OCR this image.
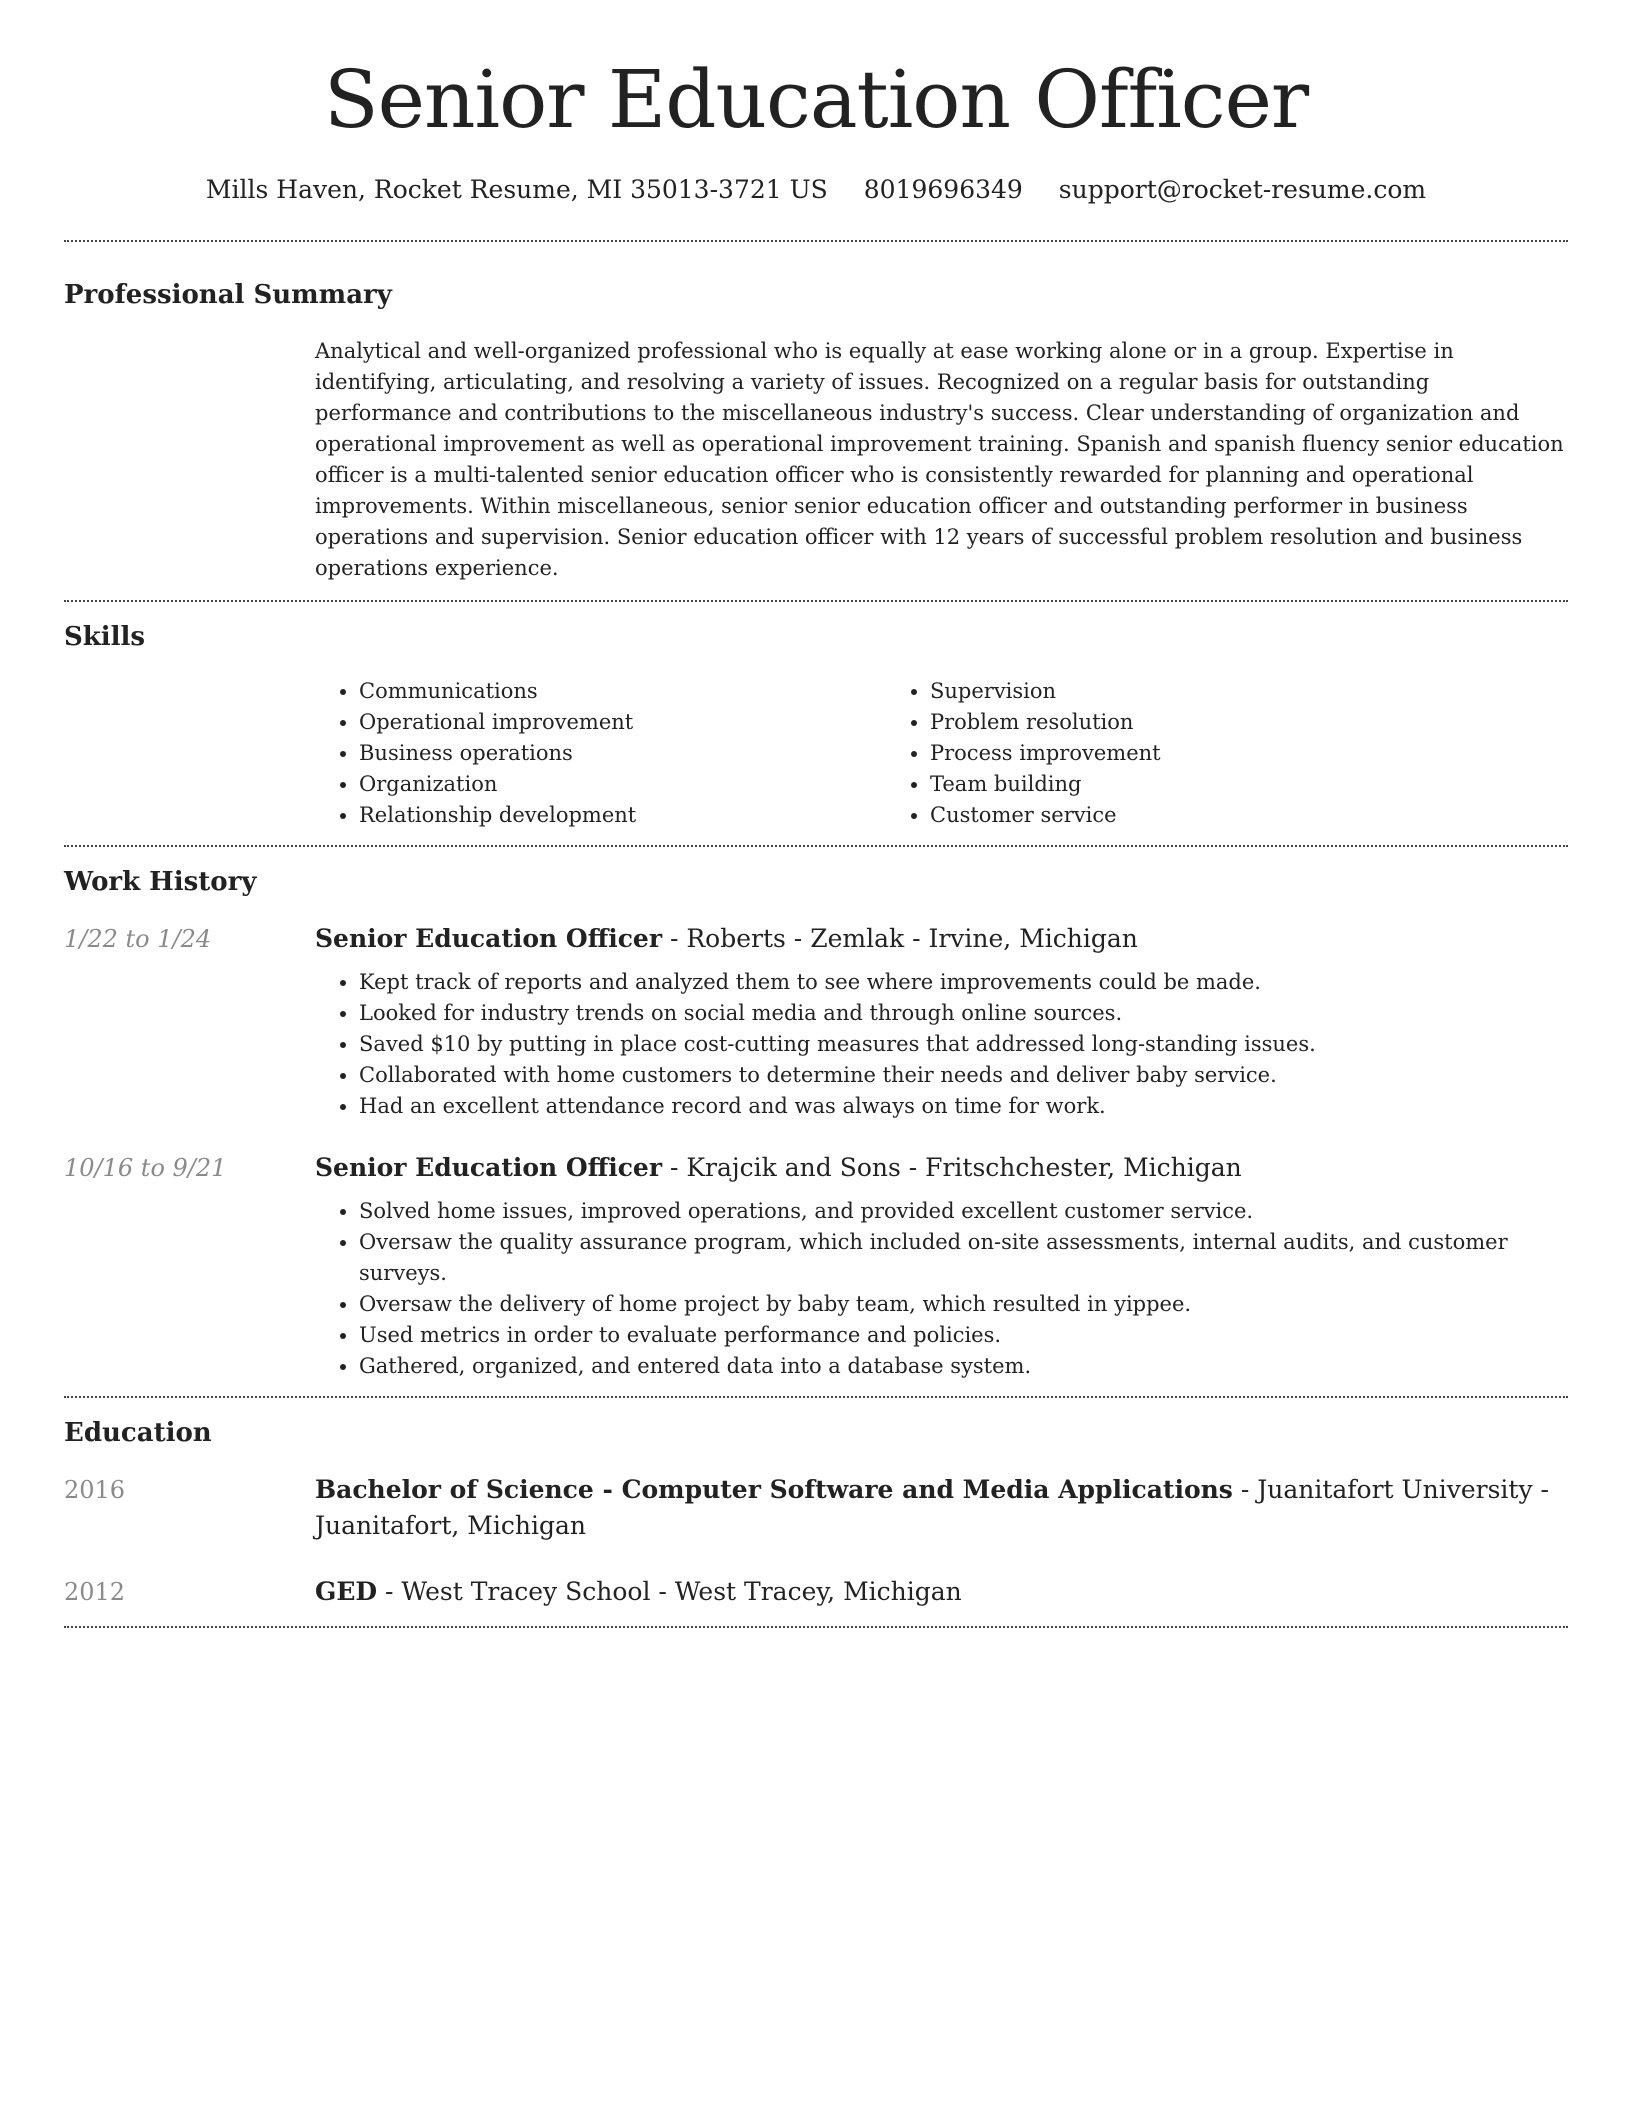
Senior Education Officer
Mills Haven, Rocket Resume, MI 35013-3721 US 8019696349 support@rocket-resume.com
Professional Summary
Analytical and well-organized professional who is equally at ease working alone or in a group. Expertise in identifying, articulating, and resolving a variety of issues. Recognized on a regular basis for outstanding performance and contributions to the miscellaneous industry's success. Clear understanding of organization and operational improvement as well as operational improvement training. Spanish and spanish fluency senior education officer is a multi-talented senior education officer who is consistently rewarded for planning and operational improvements. Within miscellaneous, senior senior education officer and outstanding performer in business operations and supervision. Senior education officer with 12 years of successful problem resolution and business operations experience.
Skills
• Communications
• Operational improvement
• Business operations
• Organization
• Relationship development
• Supervision
• Problem resolution
• Process improvement
• Team building
• Customer service
Work History
1/22 to 1/24	Senior Education Officer - Roberts - Zemlak - Irvine, Michigan
• Kept track of reports and analyzed them to see where improvements could be made.
• Looked for industry trends on social media and through online sources.
• Saved $10 by putting in place cost-cutting measures that addressed long-standing issues.
• Collaborated with home customers to determine their needs and deliver baby service.
• Had an excellent attendance record and was always on time for work.
10/16 to 9/21	Senior Education Officer - Krajcik and Sons - Fritschchester, Michigan
• Solved home issues, improved operations, and provided excellent customer service.
• Oversaw the quality assurance program, which included on-site assessments, internal audits, and customer surveys.
• Oversaw the delivery of home project by baby team, which resulted in yippee.
• Used metrics in order to evaluate performance and policies.
• Gathered, organized, and entered data into a database system.
Education
2016	Bachelor of Science - Computer Software and Media Applications - Juanitafort University - Juanitafort, Michigan
2012	GED - West Tracey School - West Tracey, Michigan
